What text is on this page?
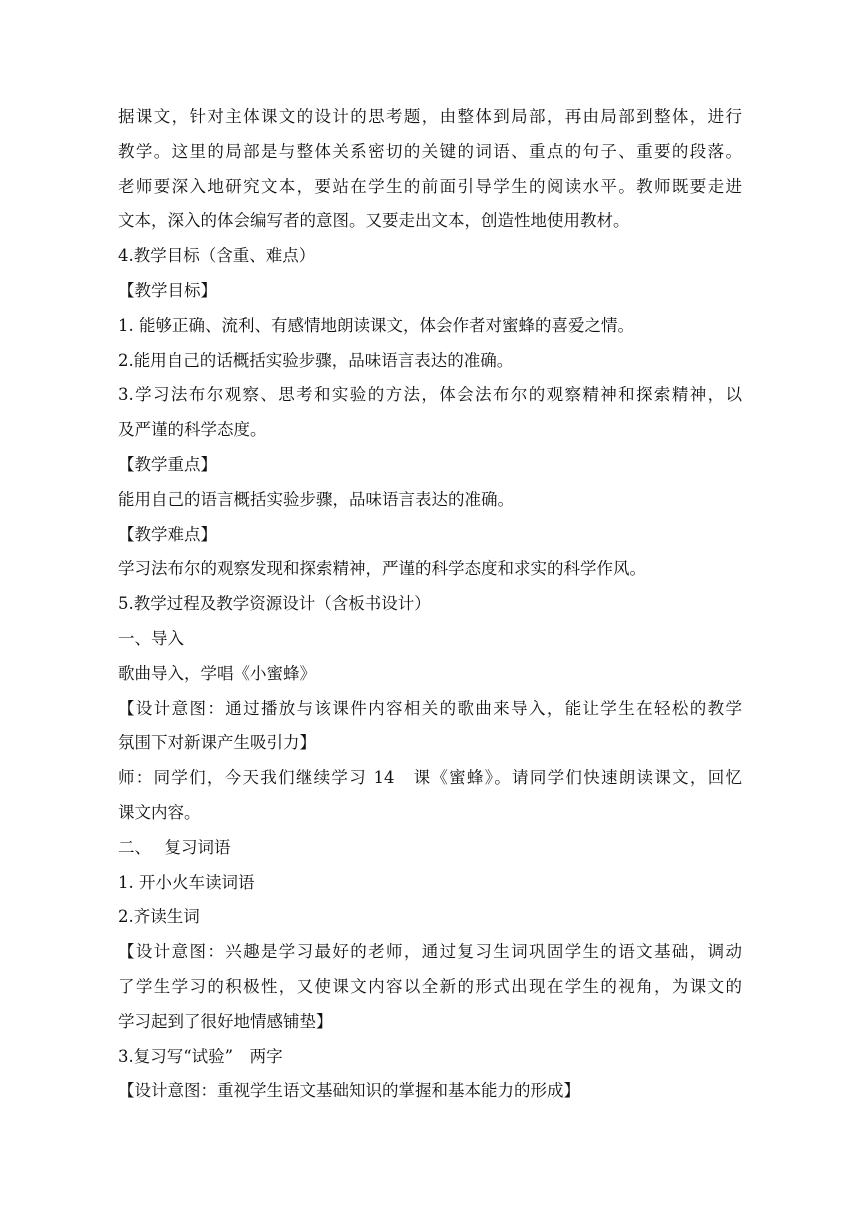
据课文，针对主体课文的设计的思考题，由整体到局部，再由局部到整体，进行

教学。这里的局部是与整体关系密切的关键的词语、重点的句子、重要的段落。

老师要深入地研究文本，要站在学生的前面引导学生的阅读水平。教师既要走进

文本，深入的体会编写者的意图。又要走出文本，创造性地使用教材。

4.教学目标（含重、难点）

【教学目标】

1. 能够正确、流利、有感情地朗读课文，体会作者对蜜蜂的喜爱之情。

2.能用自己的话概括实验步骤，品味语言表达的准确。

3.学习法布尔观察、思考和实验的方法，体会法布尔的观察精神和探索精神，以

及严谨的科学态度。

【教学重点】

能用自己的语言概括实验步骤，品味语言表达的准确。

【教学难点】

学习法布尔的观察发现和探索精神，严谨的科学态度和求实的科学作风。

5.教学过程及教学资源设计（含板书设计）

一、导入

歌曲导入，学唱《小蜜蜂》

【设计意图：通过播放与该课件内容相关的歌曲来导入，能让学生在轻松的教学

氛围下对新课产生吸引力】

师：同学们，今天我们继续学习 14　课《蜜蜂》。请同学们快速朗读课文，回忆

课文内容。

二、　 复习词语

1. 开小火车读词语

2.齐读生词

【设计意图：兴趣是学习最好的老师，通过复习生词巩固学生的语文基础，调动

了学生学习的积极性，又使课文内容以全新的形式出现在学生的视角，为课文的

学习起到了很好地情感铺垫】

3.复习写“试验”　两字

【设计意图：重视学生语文基础知识的掌握和基本能力的形成】
